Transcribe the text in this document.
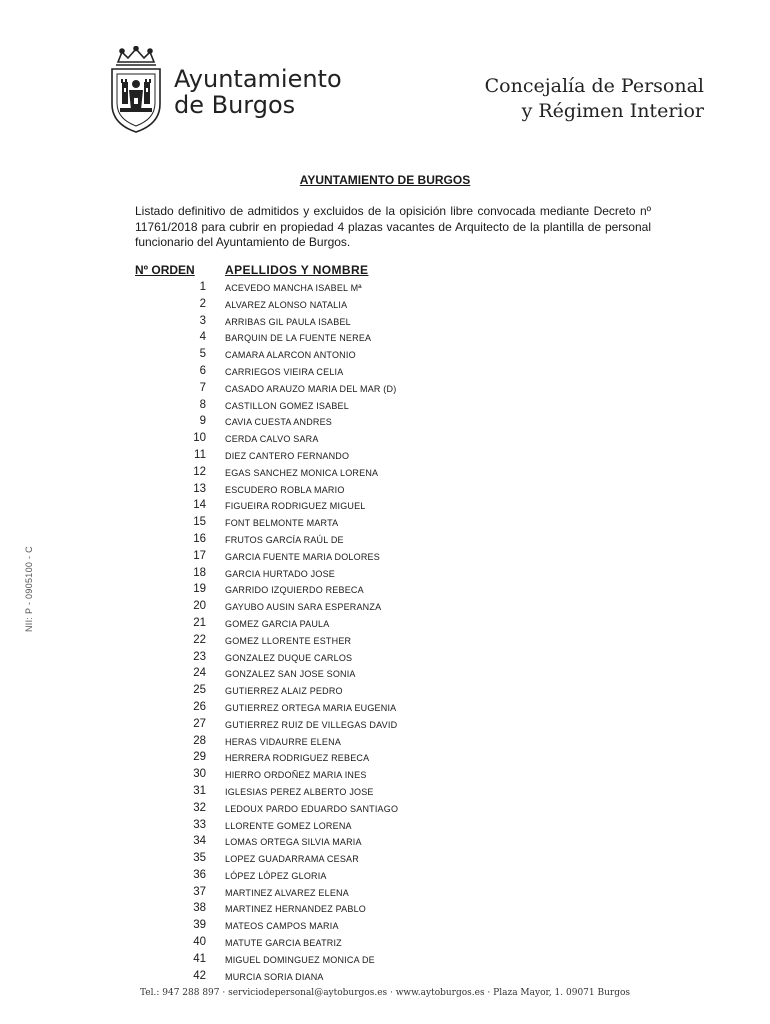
Ayuntamiento
de Burgos
Concejalía de Personal
y Régimen Interior
NII: P - 0905100 - C
AYUNTAMIENTO DE BURGOS
Listado definitivo de admitidos y excluidos de la opisición libre convocada mediante Decreto nº 11761/2018 para cubrir en propiedad 4 plazas vacantes de Arquitecto de la plantilla de personal funcionario del Ayuntamiento de Burgos.
Nº ORDEN	APELLIDOS Y NOMBRE
1 ACEVEDO MANCHA ISABEL Mª
2 ALVAREZ ALONSO NATALIA
3 ARRIBAS GIL PAULA ISABEL
4 BARQUIN DE LA FUENTE NEREA
5 CAMARA ALARCON ANTONIO
6 CARRIEGOS VIEIRA CELIA
7 CASADO ARAUZO MARIA DEL MAR (D)
8 CASTILLON GOMEZ ISABEL
9 CAVIA CUESTA ANDRES
10 CERDA CALVO SARA
11 DIEZ CANTERO FERNANDO
12 EGAS SANCHEZ MONICA LORENA
13 ESCUDERO ROBLA MARIO
14 FIGUEIRA RODRIGUEZ MIGUEL
15 FONT BELMONTE MARTA
16 FRUTOS GARCÍA RAÚL DE
17 GARCIA FUENTE MARIA DOLORES
18 GARCIA HURTADO JOSE
19 GARRIDO IZQUIERDO REBECA
20 GAYUBO AUSIN SARA ESPERANZA
21 GOMEZ GARCIA PAULA
22 GOMEZ LLORENTE ESTHER
23 GONZALEZ DUQUE CARLOS
24 GONZALEZ SAN JOSE SONIA
25 GUTIERREZ ALAIZ PEDRO
26 GUTIERREZ ORTEGA MARIA EUGENIA
27 GUTIERREZ RUIZ DE VILLEGAS DAVID
28 HERAS VIDAURRE ELENA
29 HERRERA RODRIGUEZ REBECA
30 HIERRO ORDOÑEZ MARIA INES
31 IGLESIAS PEREZ ALBERTO JOSE
32 LEDOUX PARDO EDUARDO SANTIAGO
33 LLORENTE GOMEZ LORENA
34 LOMAS ORTEGA SILVIA MARIA
35 LOPEZ GUADARRAMA CESAR
36 LÓPEZ LÓPEZ GLORIA
37 MARTINEZ ALVAREZ ELENA
38 MARTINEZ HERNANDEZ PABLO
39 MATEOS CAMPOS MARIA
40 MATUTE GARCIA BEATRIZ
41 MIGUEL DOMINGUEZ MONICA DE
42 MURCIA SORIA DIANA
Tel.: 947 288 897 · serviciodepersonal@aytoburgos.es · www.aytoburgos.es · Plaza Mayor, 1. 09071 Burgos
